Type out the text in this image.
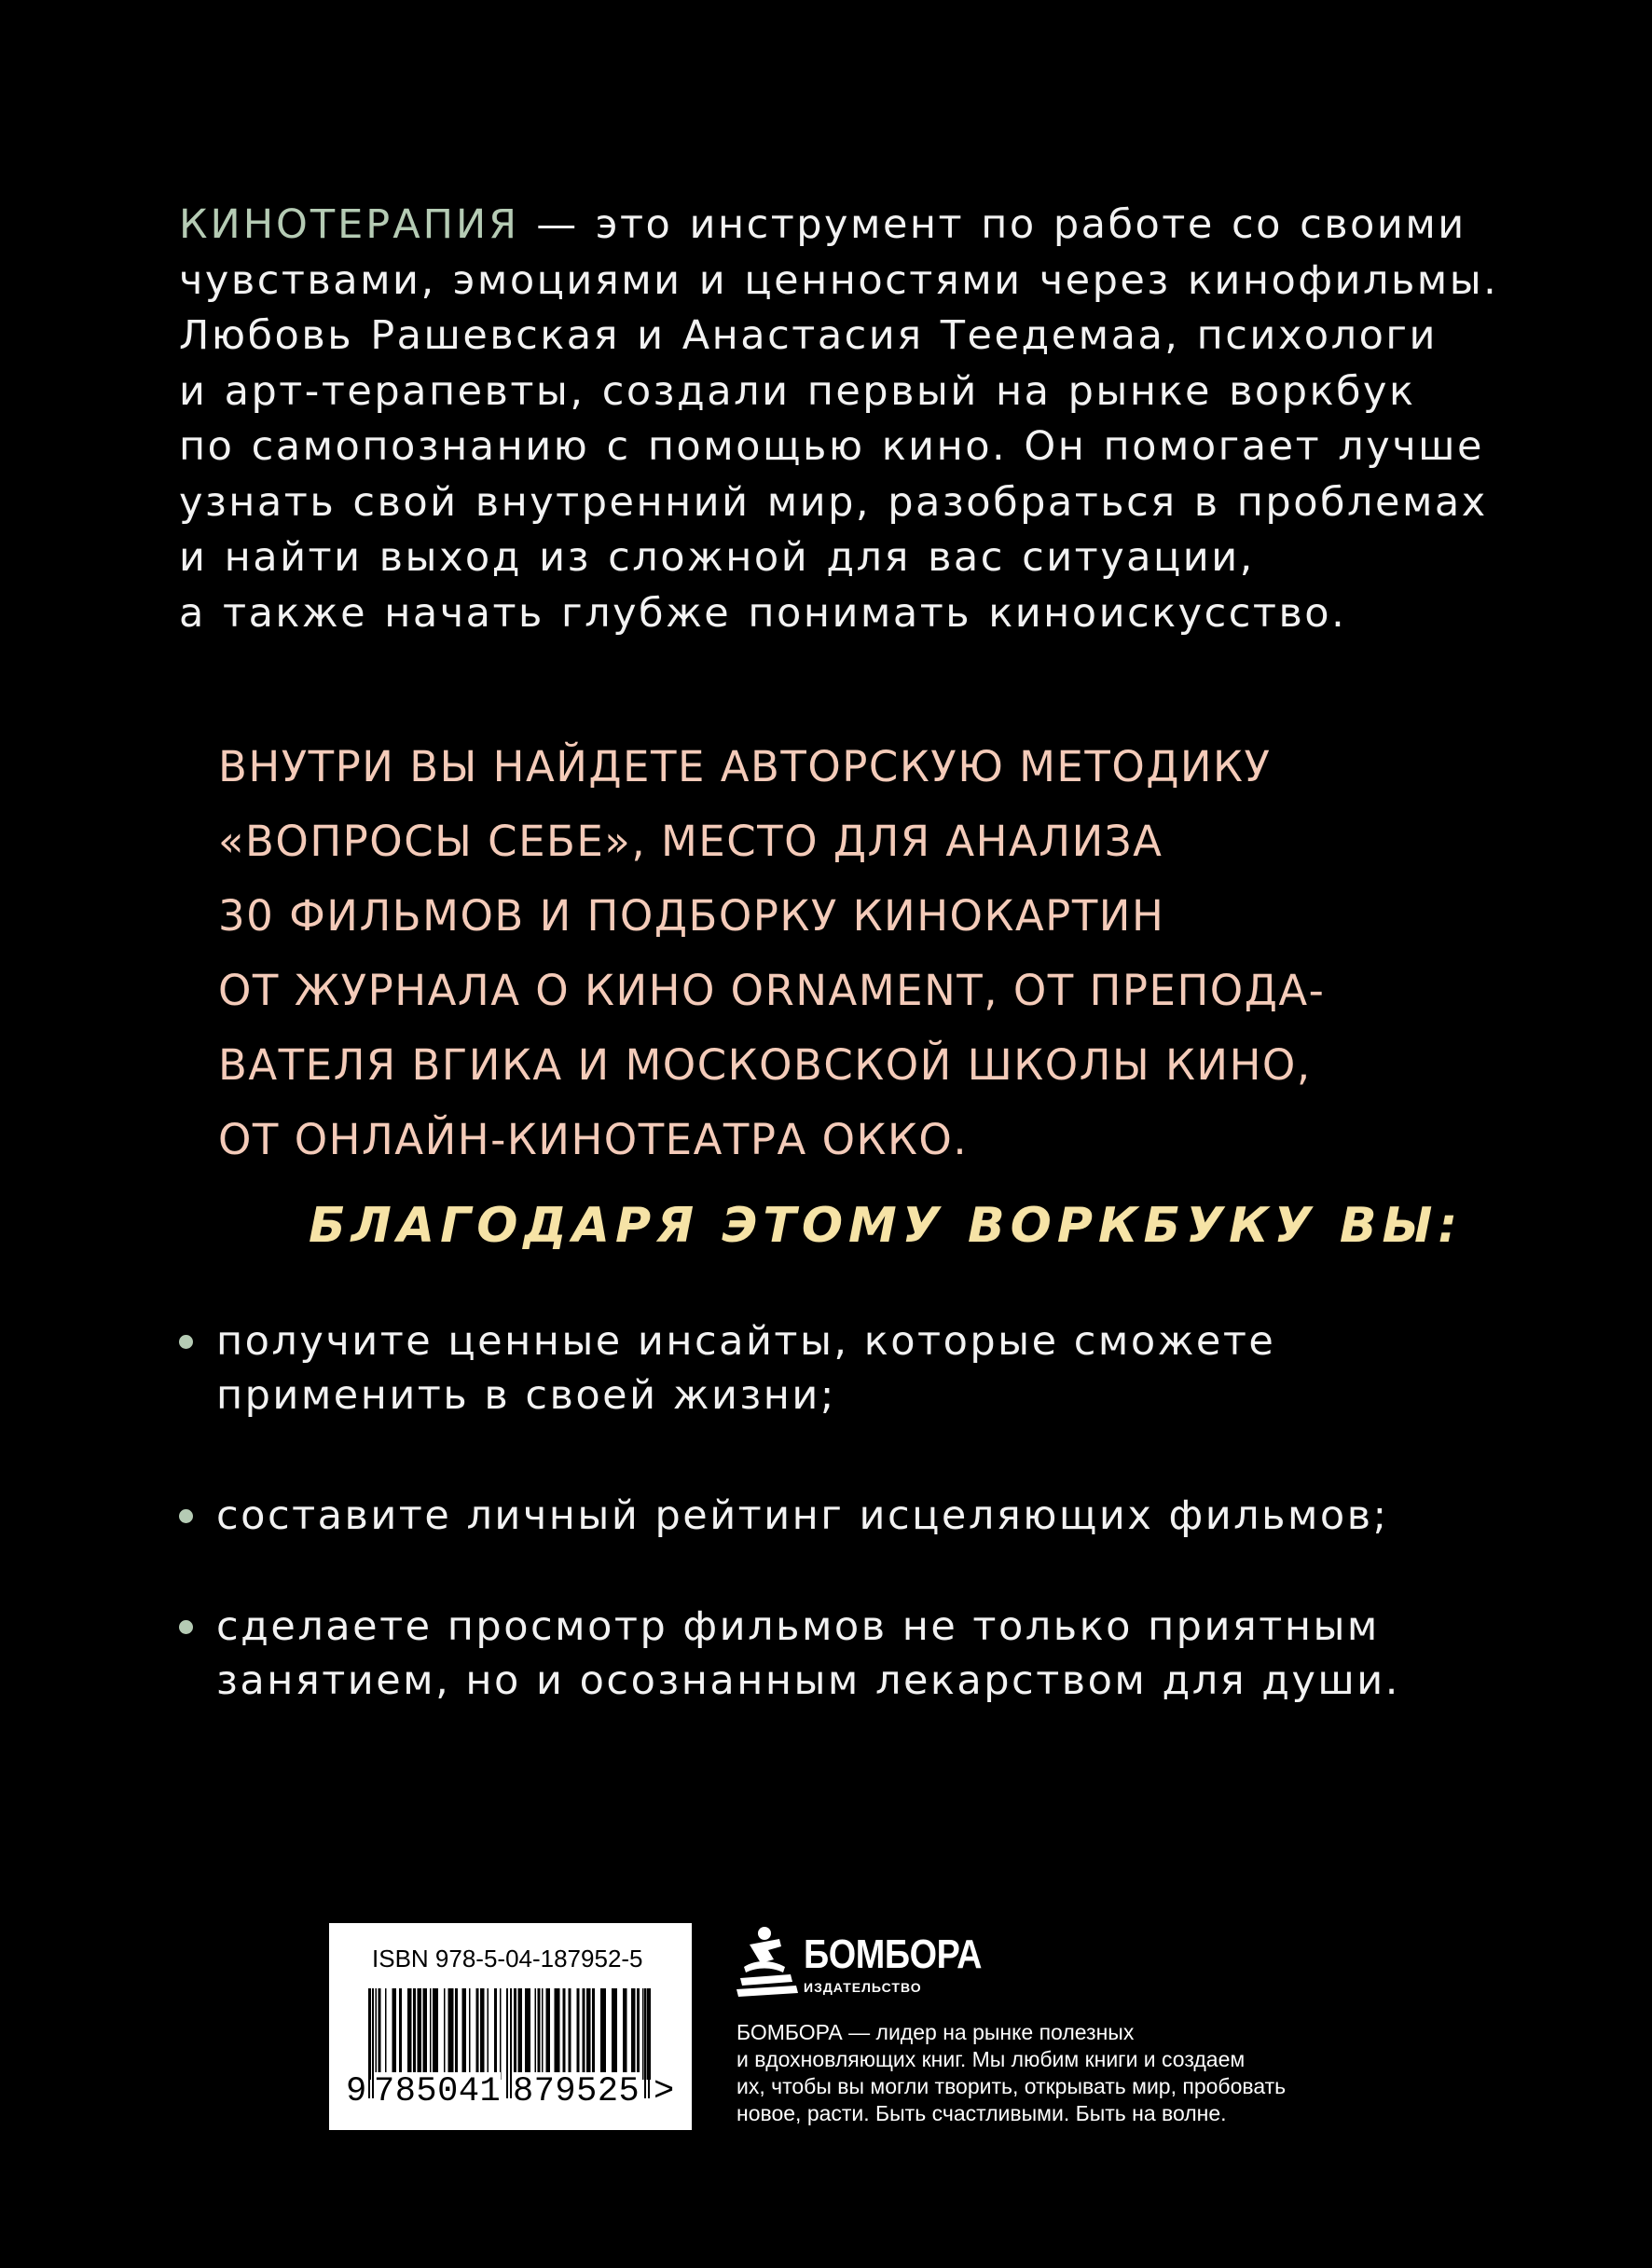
КИНОТЕРАПИЯ — это инструмент по работе со своими
чувствами, эмоциями и ценностями через кинофильмы.
Любовь Рашевская и Анастасия Теедемаа, психологи
и арт-терапевты, создали первый на рынке воркбук
по самопознанию с помощью кино. Он помогает лучше
узнать свой внутренний мир, разобраться в проблемах
и найти выход из сложной для вас ситуации,
а также начать глубже понимать киноискусство.
ВНУТРИ ВЫ НАЙДЕТЕ АВТОРСКУЮ МЕТОДИКУ
«ВОПРОСЫ СЕБЕ», МЕСТО ДЛЯ АНАЛИЗА
30 ФИЛЬМОВ И ПОДБОРКУ КИНОКАРТИН
ОТ ЖУРНАЛА О КИНО ORNAMENT, ОТ ПРЕПОДА-
ВАТЕЛЯ ВГИКА И МОСКОВСКОЙ ШКОЛЫ КИНО,
ОТ ОНЛАЙН-КИНОТЕАТРА ОККО.
БЛАГОДАРЯ ЭТОМУ ВОРКБУКУ ВЫ:
получите ценные инсайты, которые сможете
применить в своей жизни;
составите личный рейтинг исцеляющих фильмов;
сделаете просмотр фильмов не только приятным
занятием, но и осознанным лекарством для души.
ISBN 978-5-04-187952-5
9 785041 879525 >
БОМБОРА
ИЗДАТЕЛЬСТВО
БОМБОРА — лидер на рынке полезных
и вдохновляющих книг. Мы любим книги и создаем
их, чтобы вы могли творить, открывать мир, пробовать
новое, расти. Быть счастливыми. Быть на волне.
